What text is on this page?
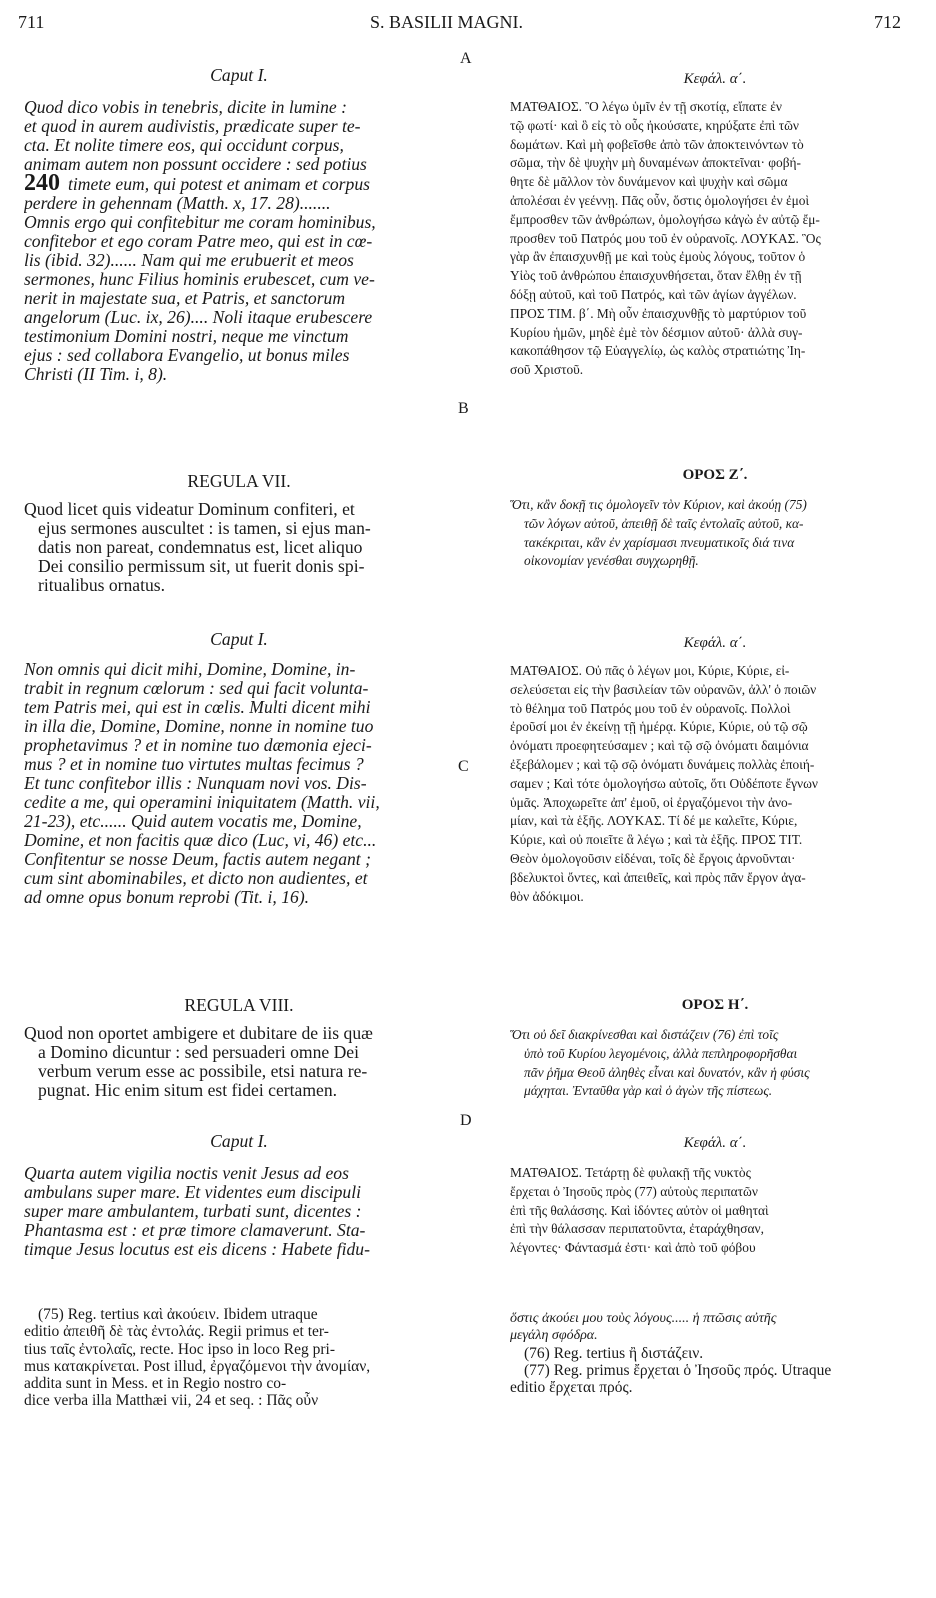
711	S. BASILII MAGNI.	712
A
B
C
D
Caput I.
Quod dico vobis in tenebris, dicite in lumine :
et quod in aurem audivistis, prædicate super te-
cta. Et nolite timere eos, qui occidunt corpus,
animam autem non possunt occidere : sed potius
240 timete eum, qui potest et animam et corpus
perdere in gehennam (Matth. x, 17. 28).......
Omnis ergo qui confitebitur me coram hominibus,
confitebor et ego coram Patre meo, qui est in cœ-
lis (ibid. 32)...... Nam qui me erubuerit et meos
sermones, hunc Filius hominis erubescet, cum ve-
nerit in majestate sua, et Patris, et sanctorum
angelorum (Luc. ix, 26).... Noli itaque erubescere
testimonium Domini nostri, neque me vinctum
ejus : sed collabora Evangelio, ut bonus miles
Christi (II Tim. i, 8).
REGULA VII.
Quod licet quis videatur Dominum confiteri, et
ejus sermones auscultet : is tamen, si ejus man-
datis non pareat, condemnatus est, licet aliquo
Dei consilio permissum sit, ut fuerit donis spi-
ritualibus ornatus.
Caput I.
Non omnis qui dicit mihi, Domine, Domine, in-
trabit in regnum cœlorum : sed qui facit volunta-
tem Patris mei, qui est in cœlis. Multi dicent mihi
in illa die, Domine, Domine, nonne in nomine tuo
prophetavimus ? et in nomine tuo dæmonia ejeci-
mus ? et in nomine tuo virtutes multas fecimus ?
Et tunc confitebor illis : Nunquam novi vos. Dis-
cedite a me, qui operamini iniquitatem (Matth. vii,
21-23), etc...... Quid autem vocatis me, Domine,
Domine, et non facitis quæ dico (Luc, vi, 46) etc...
Confitentur se nosse Deum, factis autem negant ;
cum sint abominabiles, et dicto non audientes, et
ad omne opus bonum reprobi (Tit. i, 16).
REGULA VIII.
Quod non oportet ambigere et dubitare de iis quæ
a Domino dicuntur : sed persuaderi omne Dei
verbum verum esse ac possibile, etsi natura re-
pugnat. Hic enim situm est fidei certamen.
Caput I.
Quarta autem vigilia noctis venit Jesus ad eos
ambulans super mare. Et videntes eum discipuli
super mare ambulantem, turbati sunt, dicentes :
Phantasma est : et præ timore clamaverunt. Sta-
timque Jesus locutus est eis dicens : Habete fidu-
(75) Reg. tertius καὶ ἀκούειν. Ibidem utraque
editio ἀπειθῆ δὲ τὰς ἐντολάς. Regii primus et ter-
tius ταῖς ἐντολαῖς, recte. Hoc ipso in loco Reg pri-
mus κατακρίνεται. Post illud, ἐργαζόμενοι τὴν ἀνομίαν,
addita sunt in Mess. et in Regio nostro co-
dice verba illa Matthæi vii, 24 et seq. : Πᾶς οὖν
Κεφάλ. α΄.
ΜΑΤΘΑΙΟΣ. Ὃ λέγω ὑμῖν ἐν τῇ σκοτίᾳ, εἴπατε ἐν
τῷ φωτί· καὶ ὃ εἰς τὸ οὖς ἠκούσατε, κηρύξατε ἐπὶ τῶν
δωμάτων. Καὶ μὴ φοβεῖσθε ἀπὸ τῶν ἀποκτεινόντων τὸ
σῶμα, τὴν δὲ ψυχὴν μὴ δυναμένων ἀποκτεῖναι· φοβή-
θητε δὲ μᾶλλον τὸν δυνάμενον καὶ ψυχὴν καὶ σῶμα
ἀπολέσαι ἐν γεέννῃ. Πᾶς οὖν, ὅστις ὁμολογήσει ἐν ἐμοὶ
ἔμπροσθεν τῶν ἀνθρώπων, ὁμολογήσω κἀγὼ ἐν αὐτῷ ἔμ-
προσθεν τοῦ Πατρός μου τοῦ ἐν οὐρανοῖς. ΛΟΥΚΑΣ. Ὃς
γὰρ ἂν ἐπαισχυνθῇ με καὶ τοὺς ἐμοὺς λόγους, τοῦτον ὁ
Υἱὸς τοῦ ἀνθρώπου ἐπαισχυνθήσεται, ὅταν ἔλθῃ ἐν τῇ
δόξῃ αὐτοῦ, καὶ τοῦ Πατρός, καὶ τῶν ἁγίων ἀγγέλων.
ΠΡΟΣ ΤΙΜ. β΄. Μὴ οὖν ἐπαισχυνθῇς τὸ μαρτύριον τοῦ
Κυρίου ἡμῶν, μηδὲ ἐμὲ τὸν δέσμιον αὐτοῦ· ἀλλὰ συγ-
κακοπάθησον τῷ Εὐαγγελίῳ, ὡς καλὸς στρατιώτης Ἰη-
σοῦ Χριστοῦ.
ΟΡΟΣ Ζ΄.
Ὅτι, κἂν δοκῇ τις ὁμολογεῖν τὸν Κύριον, καὶ ἀκούῃ (75)
τῶν λόγων αὐτοῦ, ἀπειθῇ δὲ ταῖς ἐντολαῖς αὐτοῦ, κα-
τακέκριται, κἂν ἐν χαρίσμασι πνευματικοῖς διά τινα
οἰκονομίαν γενέσθαι συγχωρηθῇ.
Κεφάλ. α΄.
ΜΑΤΘΑΙΟΣ. Οὐ πᾶς ὁ λέγων μοι, Κύριε, Κύριε, εἰ-
σελεύσεται εἰς τὴν βασιλείαν τῶν οὐρανῶν, ἀλλ' ὁ ποιῶν
τὸ θέλημα τοῦ Πατρός μου τοῦ ἐν οὐρανοῖς. Πολλοὶ
ἐροῦσί μοι ἐν ἐκείνῃ τῇ ἡμέρᾳ. Κύριε, Κύριε, οὐ τῷ σῷ
ὀνόματι προεφητεύσαμεν ; καὶ τῷ σῷ ὀνόματι δαιμόνια
ἐξεβάλομεν ; καὶ τῷ σῷ ὀνόματι δυνάμεις πολλὰς ἐποιή-
σαμεν ; Καὶ τότε ὁμολογήσω αὐτοῖς, ὅτι Οὐδέποτε ἔγνων
ὑμᾶς. Ἀποχωρεῖτε ἀπ' ἐμοῦ, οἱ ἐργαζόμενοι τὴν ἀνο-
μίαν, καὶ τὰ ἑξῆς. ΛΟΥΚΑΣ. Τί δέ με καλεῖτε, Κύριε,
Κύριε, καὶ οὐ ποιεῖτε ἃ λέγω ; καὶ τὰ ἑξῆς. ΠΡΟΣ ΤΙΤ.
Θεὸν ὁμολογοῦσιν εἰδέναι, τοῖς δὲ ἔργοις ἀρνοῦνται·
βδελυκτοὶ ὄντες, καὶ ἀπειθεῖς, καὶ πρὸς πᾶν ἔργον ἀγα-
θὸν ἀδόκιμοι.
ΟΡΟΣ Η΄.
Ὅτι οὐ δεῖ διακρίνεσθαι καὶ διστάζειν (76) ἐπὶ τοῖς
ὑπὸ τοῦ Κυρίου λεγομένοις, ἀλλὰ πεπληροφορῆσθαι
πᾶν ῥῆμα Θεοῦ ἀληθὲς εἶναι καὶ δυνατόν, κἂν ἡ φύσις
μάχηται. Ἐνταῦθα γὰρ καὶ ὁ ἀγὼν τῆς πίστεως.
Κεφάλ. α΄.
ΜΑΤΘΑΙΟΣ. Τετάρτῃ δὲ φυλακῇ τῆς νυκτὸς
ἔρχεται ὁ Ἰησοῦς πρὸς (77) αὐτοὺς περιπατῶν
ἐπὶ τῆς θαλάσσης. Καὶ ἰδόντες αὐτὸν οἱ μαθηταὶ
ἐπὶ τὴν θάλασσαν περιπατοῦντα, ἐταράχθησαν,
λέγοντες· Φάντασμά ἐστι· καὶ ἀπὸ τοῦ φόβου
ὅστις ἀκούει μου τοὺς λόγους..... ἡ πτῶσις αὐτῆς
μεγάλη σφόδρα.
(76) Reg. tertius ἢ διστάζειν.
(77) Reg. primus ἔρχεται ὁ Ἰησοῦς πρός. Utraque
editio ἔρχεται πρός.
